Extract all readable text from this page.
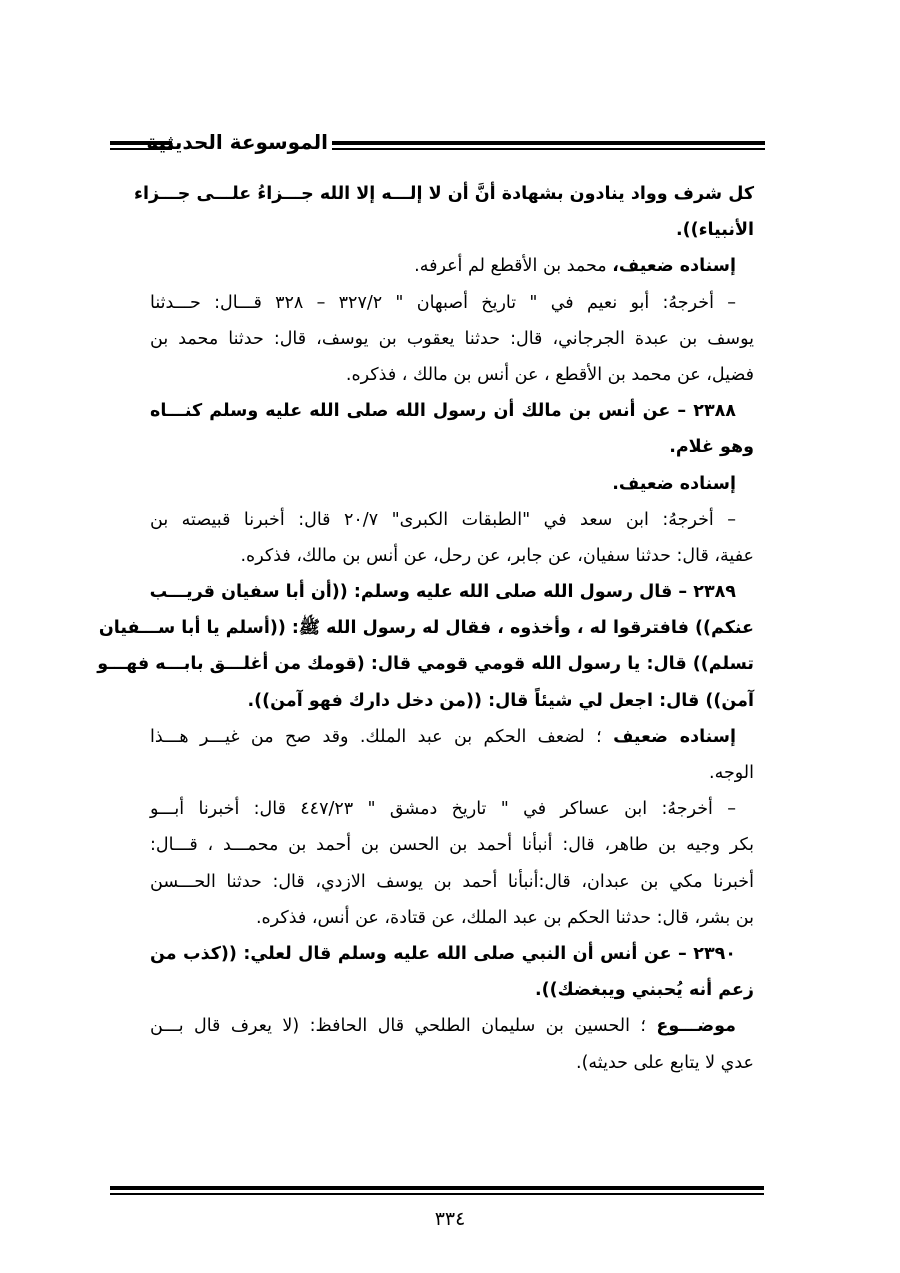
الموسوعة الحديثية
كل شرف وواد ينادون بشهادة أنَّ أن لا إلـــه إلا الله جـــزاءُ علـــى جـــزاء
الأنبياء)).
إسناده ضعيف، محمد بن الأقطع لم أعرفه.
– أخرجهُ: أبو نعيم في " تاريخ أصبهان " ٣٢٧/٢ – ٣٢٨ قـــال: حـــدثنا
يوسف بن عبدة الجرجاني، قال: حدثنا يعقوب بن يوسف، قال: حدثنا محمد بن
فضيل، عن محمد بن الأقطع ، عن أنس بن مالك ، فذكره.
٢٣٨٨ – عن أنس بن مالك أن رسول الله صلى الله عليه وسلم كنـــاه
وهو غلام.
إسناده ضعيف.
– أخرجهُ: ابن سعد في "الطبقات الكبرى" ٢٠/٧ قال: أخبرنا قبيصته بن
عفية، قال: حدثنا سفيان، عن جابر، عن رحل، عن أنس بن مالك، فذكره.
٢٣٨٩ – قال رسول الله صلى الله عليه وسلم: ((أن أبا سفيان قريـــب
عنكم)) فافترقوا له ، وأخذوه ، فقال له رسول الله ﷺ: ((أسلم يا أبا ســـفيان
تسلم)) قال: يا رسول الله قومي قومي قال: (قومك من أغلـــق بابـــه فهـــو
آمن)) قال: اجعل لي شيئاً قال: ((من دخل دارك فهو آمن)).
إسناده ضعيف ؛ لضعف الحكم بن عبد الملك. وقد صح من غيـــر هـــذا
الوجه.
– أخرجهُ: ابن عساكر في " تاريخ دمشق " ٤٤٧/٢٣ قال: أخبرنا أبـــو
بكر وجيه بن طاهر، قال: أنبأنا أحمد بن الحسن بن أحمد بن محمـــد ، قـــال:
أخبرنا مكي بن عبدان، قال:أنبأنا أحمد بن يوسف الازدي، قال: حدثنا الحـــسن
بن بشر، قال: حدثنا الحكم بن عبد الملك، عن قتادة، عن أنس، فذكره.
٢٣٩٠ – عن أنس أن النبي صلى الله عليه وسلم قال لعلي: ((كذب من
زعم أنه يُحبني ويبغضك)).
موضـــوع ؛ الحسين بن سليمان الطلحي قال الحافظ: (لا يعرف قال بـــن
عدي لا يتابع على حديثه).
٣٣٤
